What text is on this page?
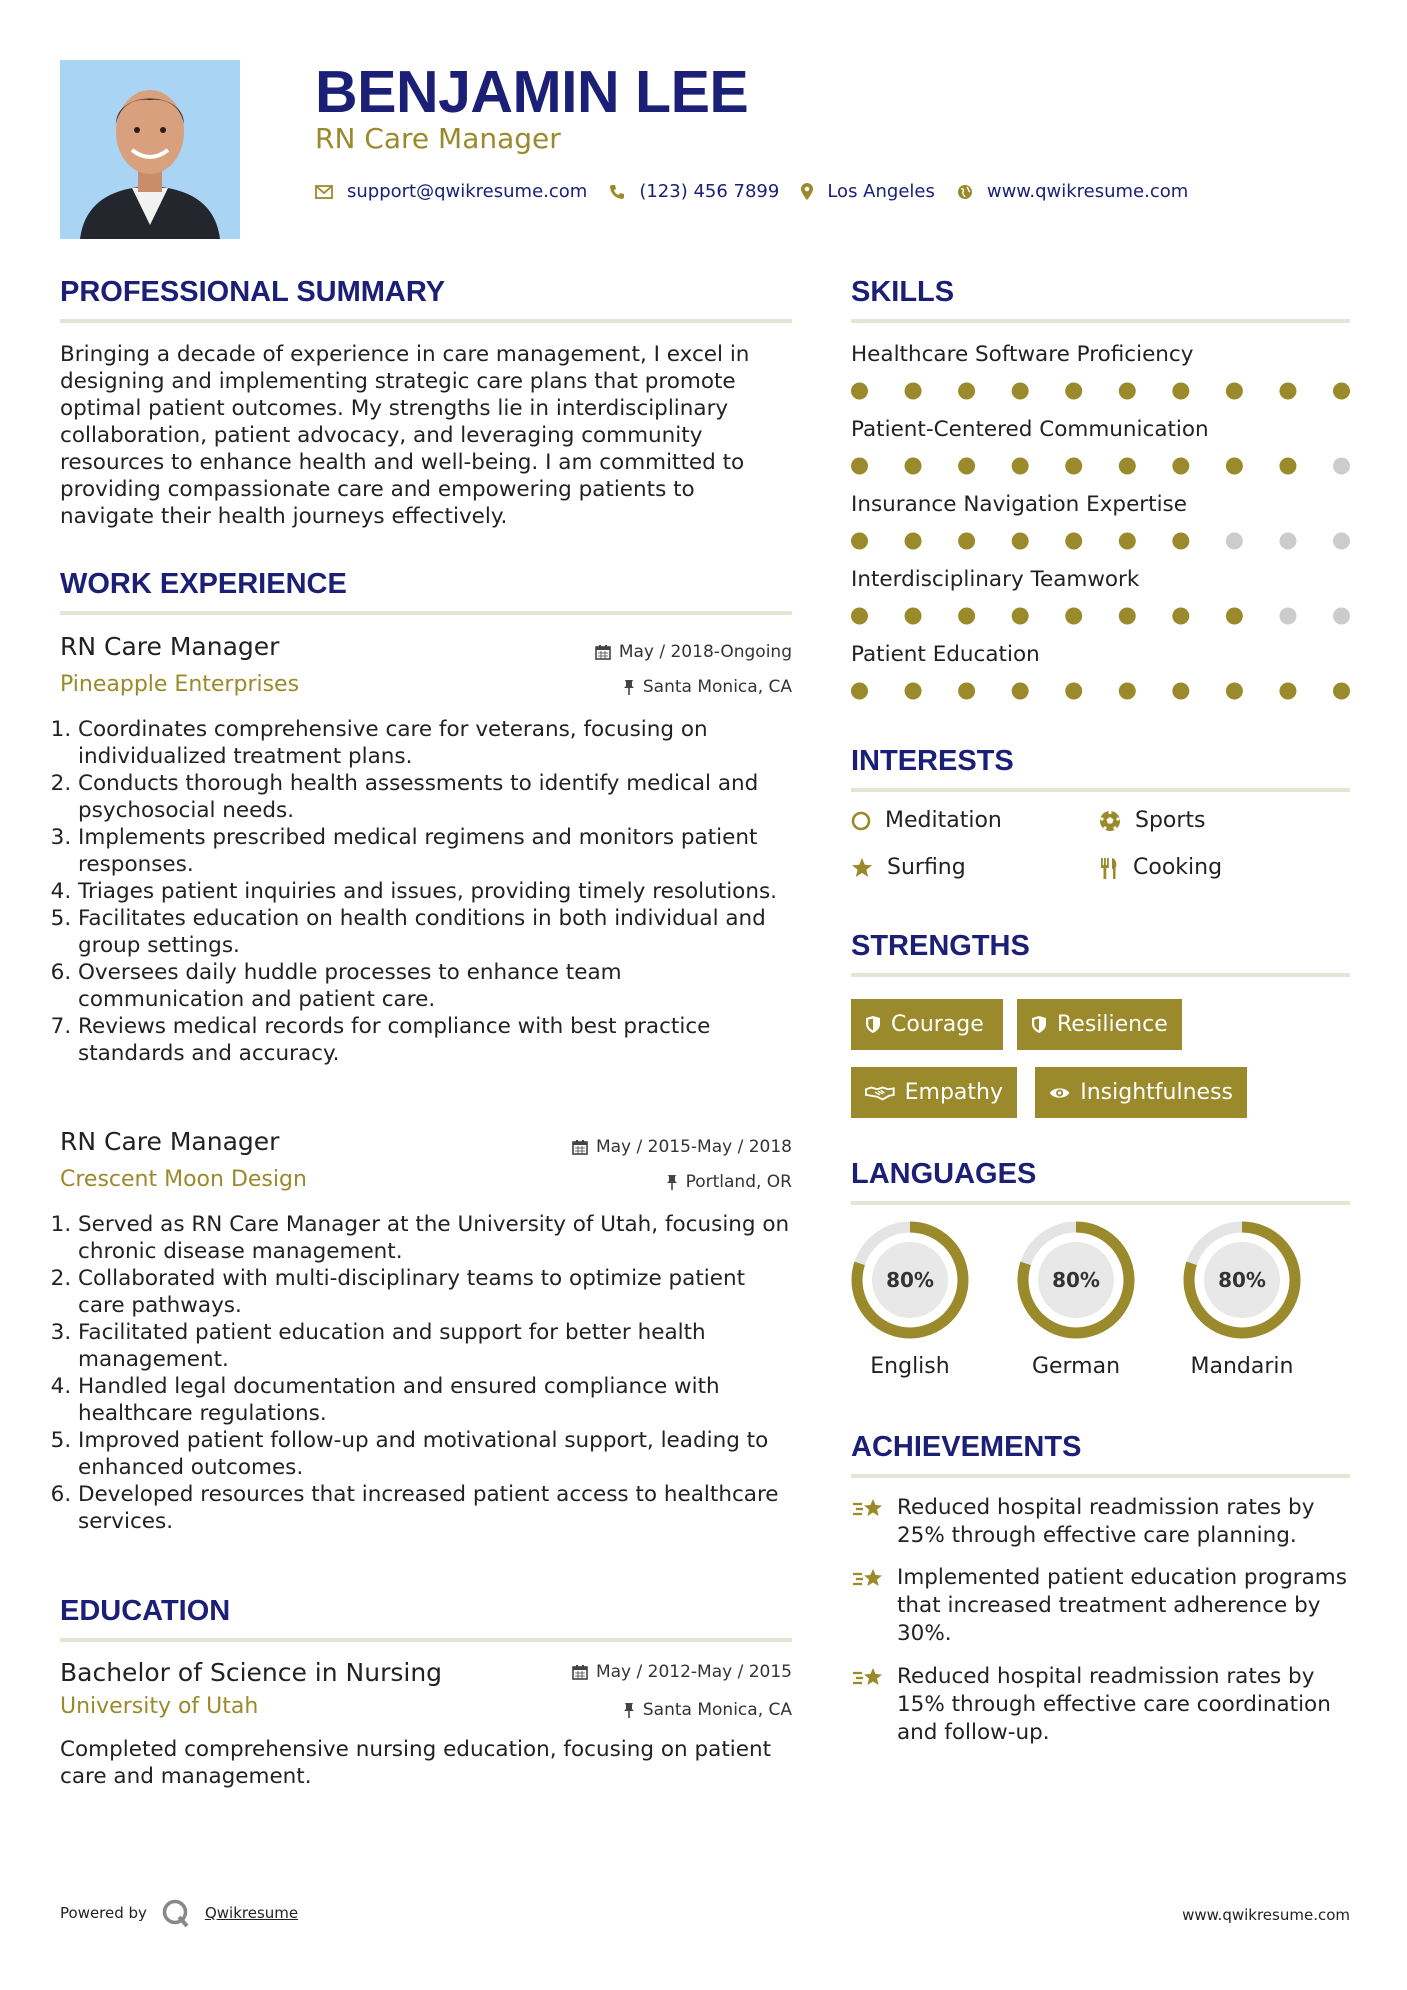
BENJAMIN LEE
RN Care Manager
support@qwikresume.com	(123) 456 7899	Los Angeles	www.qwikresume.com
PROFESSIONAL SUMMARY
Bringing a decade of experience in care management, I excel in designing and implementing strategic care plans that promote optimal patient outcomes. My strengths lie in interdisciplinary collaboration, patient advocacy, and leveraging community resources to enhance health and well-being. I am committed to providing compassionate care and empowering patients to navigate their health journeys effectively.
WORK EXPERIENCE
RN Care Manager	May / 2018-Ongoing
Pineapple Enterprises	Santa Monica, CA
1. Coordinates comprehensive care for veterans, focusing on individualized treatment plans.
2. Conducts thorough health assessments to identify medical and psychosocial needs.
3. Implements prescribed medical regimens and monitors patient responses.
4. Triages patient inquiries and issues, providing timely resolutions.
5. Facilitates education on health conditions in both individual and group settings.
6. Oversees daily huddle processes to enhance team communication and patient care.
7. Reviews medical records for compliance with best practice standards and accuracy.
RN Care Manager	May / 2015-May / 2018
Crescent Moon Design	Portland, OR
1. Served as RN Care Manager at the University of Utah, focusing on chronic disease management.
2. Collaborated with multi-disciplinary teams to optimize patient care pathways.
3. Facilitated patient education and support for better health management.
4. Handled legal documentation and ensured compliance with healthcare regulations.
5. Improved patient follow-up and motivational support, leading to enhanced outcomes.
6. Developed resources that increased patient access to healthcare services.
EDUCATION
Bachelor of Science in Nursing	May / 2012-May / 2015
University of Utah	Santa Monica, CA
Completed comprehensive nursing education, focusing on patient care and management.
SKILLS
Healthcare Software Proficiency
Patient-Centered Communication
Insurance Navigation Expertise
Interdisciplinary Teamwork
Patient Education
INTERESTS
Meditation	Sports
Surfing	Cooking
STRENGTHS
Courage	Resilience
Empathy	Insightfulness
LANGUAGES
80%
English
80%
German
80%
Mandarin
ACHIEVEMENTS
Reduced hospital readmission rates by 25% through effective care planning.
Implemented patient education programs that increased treatment adherence by 30%.
Reduced hospital readmission rates by 15% through effective care coordination and follow-up.
Powered by	Qwikresume	www.qwikresume.com
